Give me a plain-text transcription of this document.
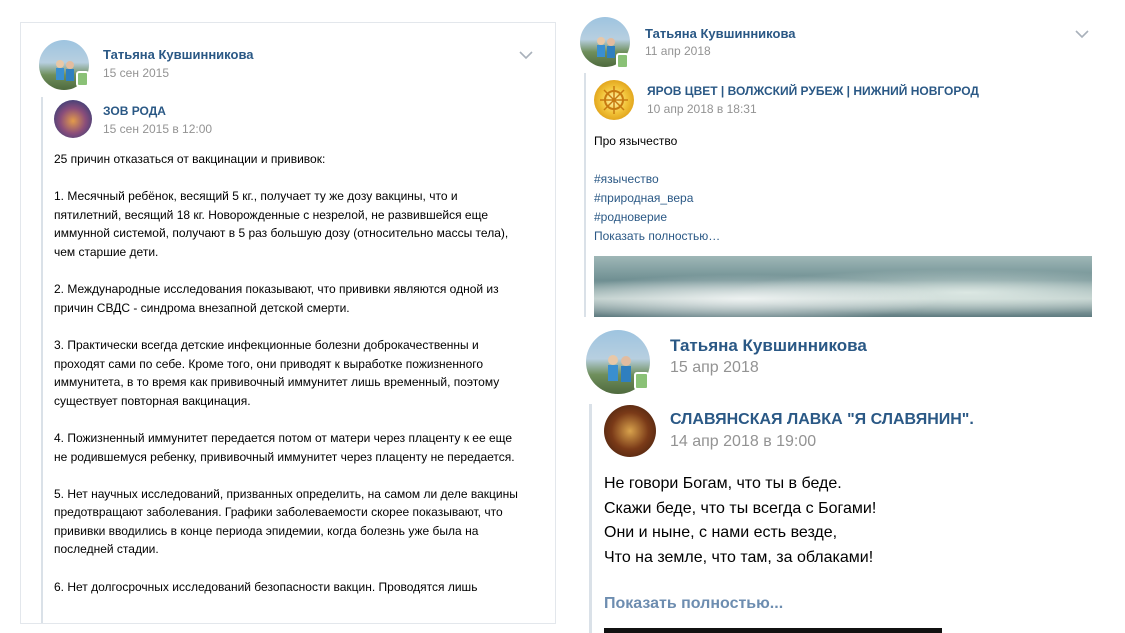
Татьяна Кувшинникова
15 сен 2015
ЗОВ РОДА
15 сен 2015 в 12:00
25 причин отказаться от вакцинации и прививок:

1. Месячный ребёнок, весящий 5 кг., получает ту же дозу вакцины, что и пятилетний, весящий 18 кг. Новорожденные с незрелой, не развившейся еще иммунной системой, получают в 5 раз большую дозу (относительно массы тела), чем старшие дети.

2. Международные исследования показывают, что прививки являются одной из причин СВДС - синдрома внезапной детской смерти.

3. Практически всегда детские инфекционные болезни доброкачественны и проходят сами по себе. Кроме того, они приводят к выработке пожизненного иммунитета, в то время как прививочный иммунитет лишь временный, поэтому существует повторная вакцинация.

4. Пожизненный иммунитет передается потом от матери через плаценту к ее еще не родившемуся ребенку, прививочный иммунитет через плаценту не передается.

5. Нет научных исследований, призванных определить, на самом ли деле вакцины предотвращают заболевания. Графики заболеваемости скорее показывают, что прививки вводились в конце периода эпидемии, когда болезнь уже была на последней стадии.

6. Нет долгосрочных исследований безопасности вакцин. Проводятся лишь
Татьяна Кувшинникова
11 апр 2018
ЯРОВ ЦВЕТ | ВОЛЖСКИЙ РУБЕЖ | НИЖНИЙ НОВГОРОД
10 апр 2018 в 18:31
Про язычество
#язычество
#природная_вера
#родноверие
Показать полностью…
Татьяна Кувшинникова
15 апр 2018
СЛАВЯНСКАЯ ЛАВКА "Я СЛАВЯНИН".
14 апр 2018 в 19:00
Не говори Богам, что ты в беде.
Скажи беде, что ты всегда с Богами!
Они и ныне, с нами есть везде,
Что на земле, что там, за облаками!
Показать полностью...
